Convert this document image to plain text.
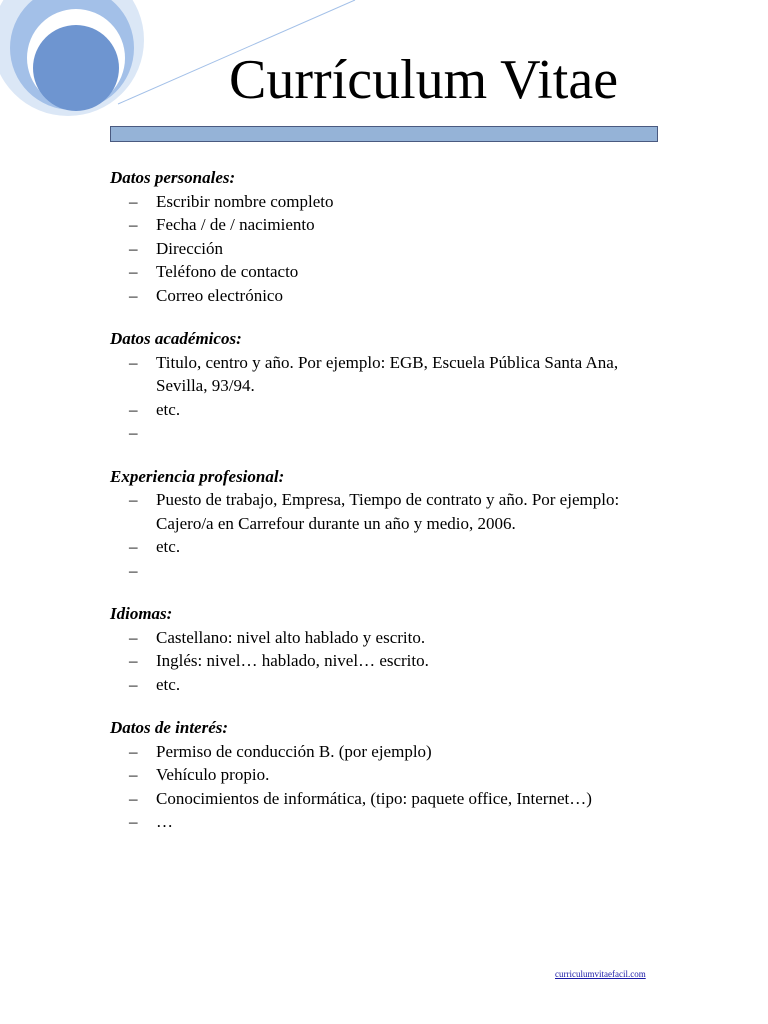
Currículum Vitae
Datos personales:
–	Escribir nombre completo
–	Fecha / de / nacimiento
–	Dirección
–	Teléfono de contacto
–	Correo electrónico
Datos académicos:
–	Titulo, centro y año. Por ejemplo: EGB, Escuela Pública Santa Ana, Sevilla, 93/94.
–	etc.
–
Experiencia profesional:
–	Puesto de trabajo, Empresa, Tiempo de contrato y año. Por ejemplo: Cajero/a en Carrefour durante un año y medio, 2006.
–	etc.
–
Idiomas:
–	Castellano: nivel alto hablado y escrito.
–	Inglés: nivel… hablado, nivel… escrito.
–	etc.
Datos de interés:
–	Permiso de conducción B. (por ejemplo)
–	Vehículo propio.
–	Conocimientos de informática, (tipo: paquete office, Internet…)
–	…
curriculumvitaefacil.com
